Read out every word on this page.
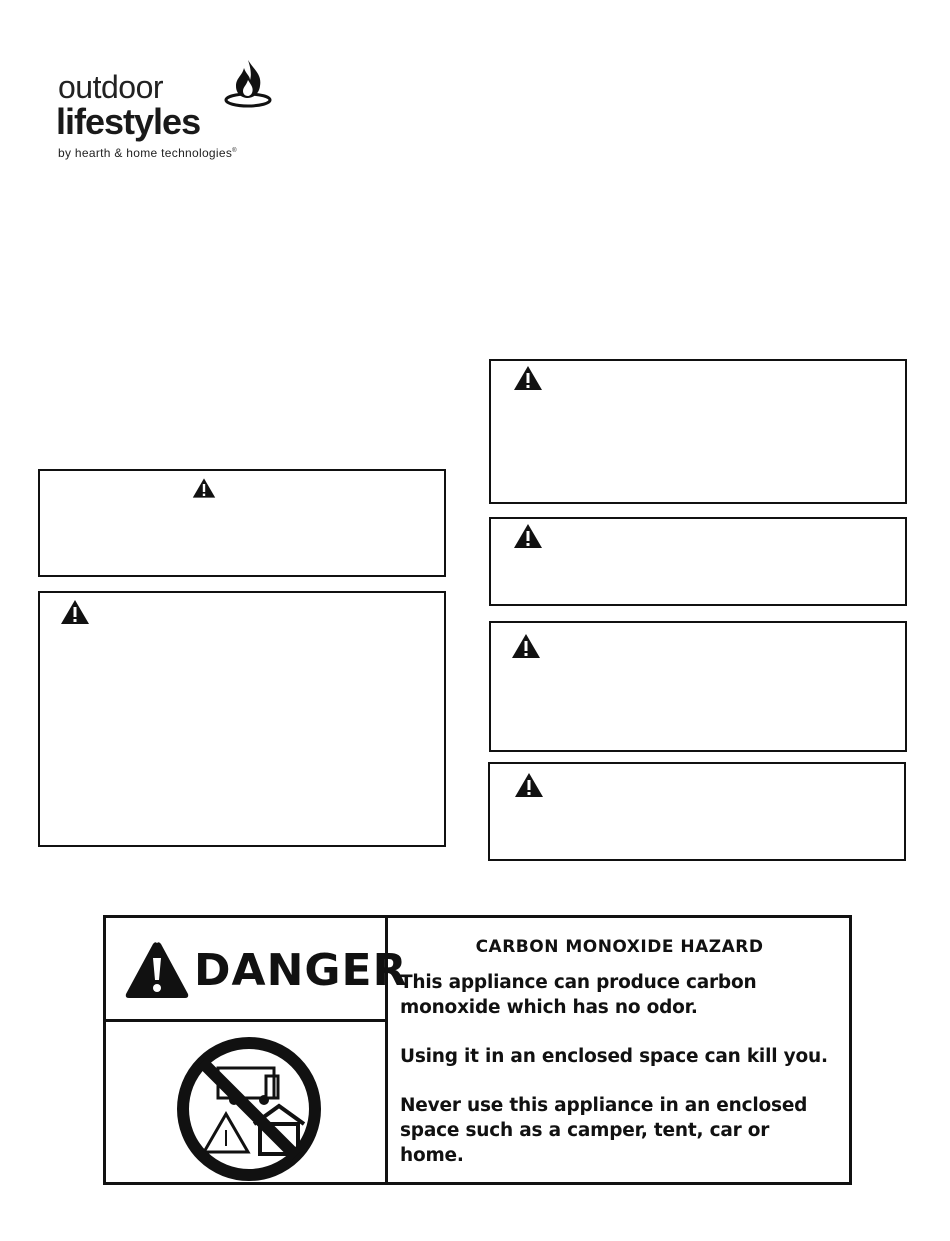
outdoor
lifestyles
by hearth & home technologies®
DANGER	CARBON MONOXIDE HAZARD

This appliance can produce carbon monoxide which has no odor.

Using it in an enclosed space can kill you.

Never use this appliance in an enclosed space such as a camper, tent, car or home.
